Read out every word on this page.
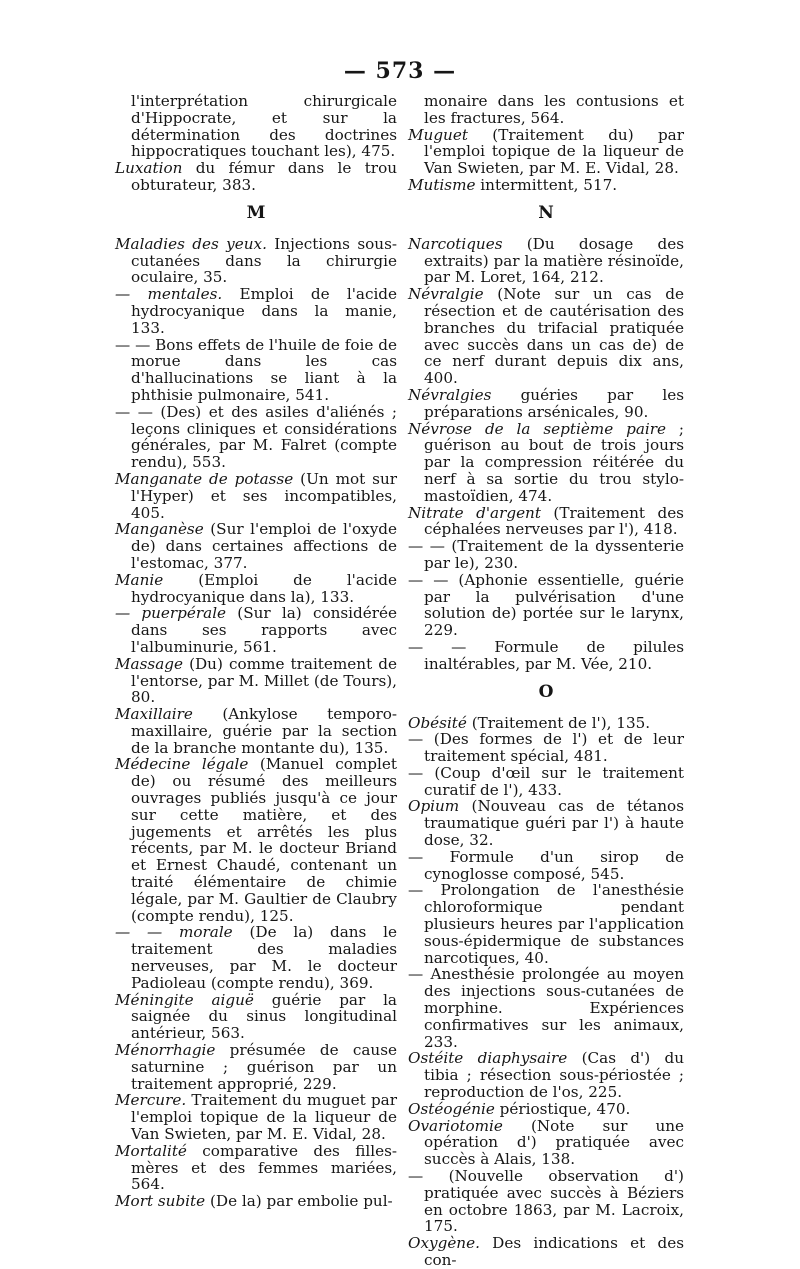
— 573 —

l'interprétation chirurgicale d'Hippocrate, et sur la détermination des doctrines hippocratiques touchant les), 475.

Luxation du fémur dans le trou obturateur, 383.

M

Maladies des yeux. Injections sous-cutanées dans la chirurgie oculaire, 35.

— mentales. Emploi de l'acide hydrocyanique dans la manie, 133.

— — Bons effets de l'huile de foie de morue dans les cas d'hallucinations se liant à la phthisie pulmonaire, 541.

— — (Des) et des asiles d'aliénés ; leçons cliniques et considérations générales, par M. Falret (compte rendu), 553.

Manganate de potasse (Un mot sur l'Hyper) et ses incompatibles, 405.

Manganèse (Sur l'emploi de l'oxyde de) dans certaines affections de l'estomac, 377.

Manie (Emploi de l'acide hydrocyanique dans la), 133.

— puerpérale (Sur la) considérée dans ses rapports avec l'albuminurie, 561.

Massage (Du) comme traitement de l'entorse, par M. Millet (de Tours), 80.

Maxillaire (Ankylose temporo-maxillaire, guérie par la section de la branche montante du), 135.

Médecine légale (Manuel complet de) ou résumé des meilleurs ouvrages publiés jusqu'à ce jour sur cette matière, et des jugements et arrêtés les plus récents, par M. le docteur Briand et Ernest Chaudé, contenant un traité élémentaire de chimie légale, par M. Gaultier de Claubry (compte rendu), 125.

— — morale (De la) dans le traitement des maladies nerveuses, par M. le docteur Padioleau (compte rendu), 369.

Méningite aiguë guérie par la saignée du sinus longitudinal antérieur, 563.

Ménorrhagie présumée de cause saturnine ; guérison par un traitement approprié, 229.

Mercure. Traitement du muguet par l'emploi topique de la liqueur de Van Swieten, par M. E. Vidal, 28.

Mortalité comparative des filles-mères et des femmes mariées, 564.

Mort subite (De la) par embolie pul-

monaire dans les contusions et les fractures, 564.

Muguet (Traitement du) par l'emploi topique de la liqueur de Van Swieten, par M. E. Vidal, 28.

Mutisme intermittent, 517.

N

Narcotiques (Du dosage des extraits) par la matière résinoïde, par M. Loret, 164, 212.

Névralgie (Note sur un cas de résection et de cautérisation des branches du trifacial pratiquée avec succès dans un cas de) de ce nerf durant depuis dix ans, 400.

Névralgies guéries par les préparations arsénicales, 90.

Névrose de la septième paire ; guérison au bout de trois jours par la compression réitérée du nerf à sa sortie du trou stylo-mastoïdien, 474.

Nitrate d'argent (Traitement des céphalées nerveuses par l'), 418.

— — (Traitement de la dyssenterie par le), 230.

— — (Aphonie essentielle, guérie par la pulvérisation d'une solution de) portée sur le larynx, 229.

— — Formule de pilules inaltérables, par M. Vée, 210.

O

Obésité (Traitement de l'), 135.

— (Des formes de l') et de leur traitement spécial, 481.

— (Coup d'œil sur le traitement curatif de l'), 433.

Opium (Nouveau cas de tétanos traumatique guéri par l') à haute dose, 32.

— Formule d'un sirop de cynoglosse composé, 545.

— Prolongation de l'anesthésie chloroformique pendant plusieurs heures par l'application sous-épidermique de substances narcotiques, 40.

— Anesthésie prolongée au moyen des injections sous-cutanées de morphine. Expériences confirmatives sur les animaux, 233.

Ostéite diaphysaire (Cas d') du tibia ; résection sous-périostée ; reproduction de l'os, 225.

Ostéogénie périostique, 470.

Ovariotomie (Note sur une opération d') pratiquée avec succès à Alais, 138.

— (Nouvelle observation d') pratiquée avec succès à Béziers en octobre 1863, par M. Lacroix, 175.

Oxygène. Des indications et des con-
